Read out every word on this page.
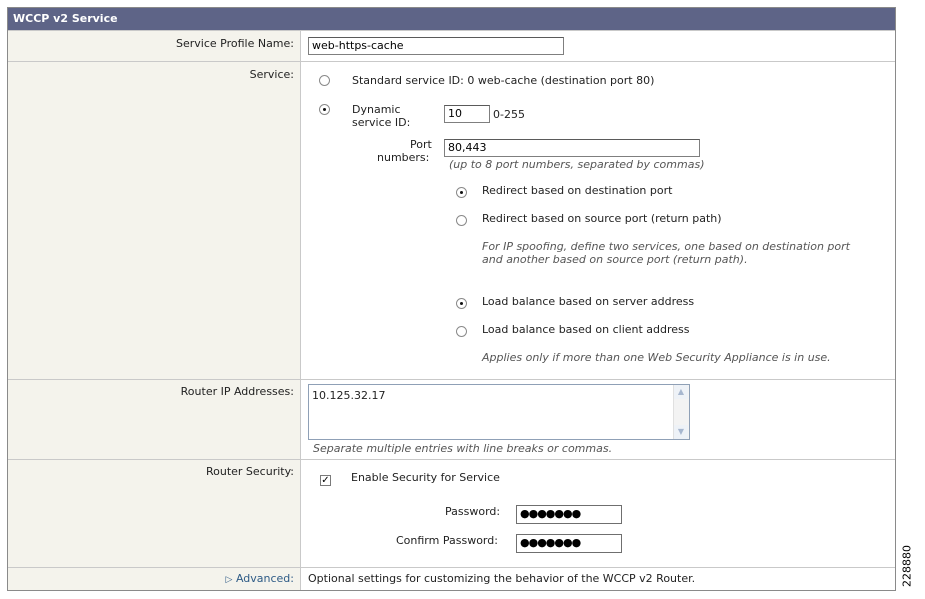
WCCP v2 Service
Service Profile Name:	web-https-cache
Service:	Standard service ID: 0 web-cache (destination port 80)
Dynamic
service ID:
10	0-255
Port
numbers:
80,443
(up to 8 port numbers, separated by commas)
Redirect based on destination port
Redirect based on source port (return path)
For IP spoofing, define two services, one based on destination port
and another based on source port (return path).
Load balance based on server address
Load balance based on client address
Applies only if more than one Web Security Appliance is in use.
Router IP Addresses: 10.125.32.17	▲
▼
Separate multiple entries with line breaks or commas.
Router Security:
✓ Enable Security for Service
Password:	●●●●●●●
Confirm Password:	●●●●●●●
▷ Advanced: Optional settings for customizing the behavior of the WCCP v2 Router.	228880
